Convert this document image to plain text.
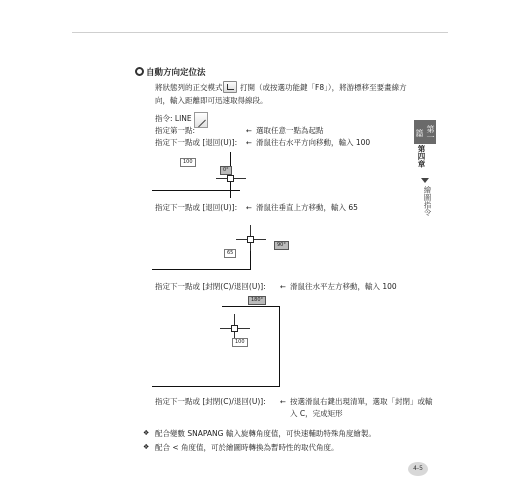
自動方向定位法
將狀態列的正交模式 打開（或按選功能鍵「F8」），將游標移至要畫線方
向，輸入距離即可迅速取得線段。
指令: LINE
指定第一點:	← 選取任意一點為起點
指定下一點或 [退回(U)]: ← 滑鼠往右水平方向移動，輸入 100
100
0°
指定下一點或 [退回(U)]: ← 滑鼠往垂直上方移動，輸入 65
65
90°
指定下一點或 [封閉(C)/退回(U)]: ← 滑鼠往水平左方移動，輸入 100
100
180°
指定下一點或 [封閉(C)/退回(U)]: ← 按選滑鼠右鍵出現清單，選取「封閉」或輸
入 C，完成矩形
❖ 配合變數 SNAPANG 輸入旋轉角度值，可快速輔助特殊角度繪製。
❖ 配合 < 角度值，可於繪圖時轉換為暫時性的取代角度。
第一篇
第四章
繪圖指令
4-5
